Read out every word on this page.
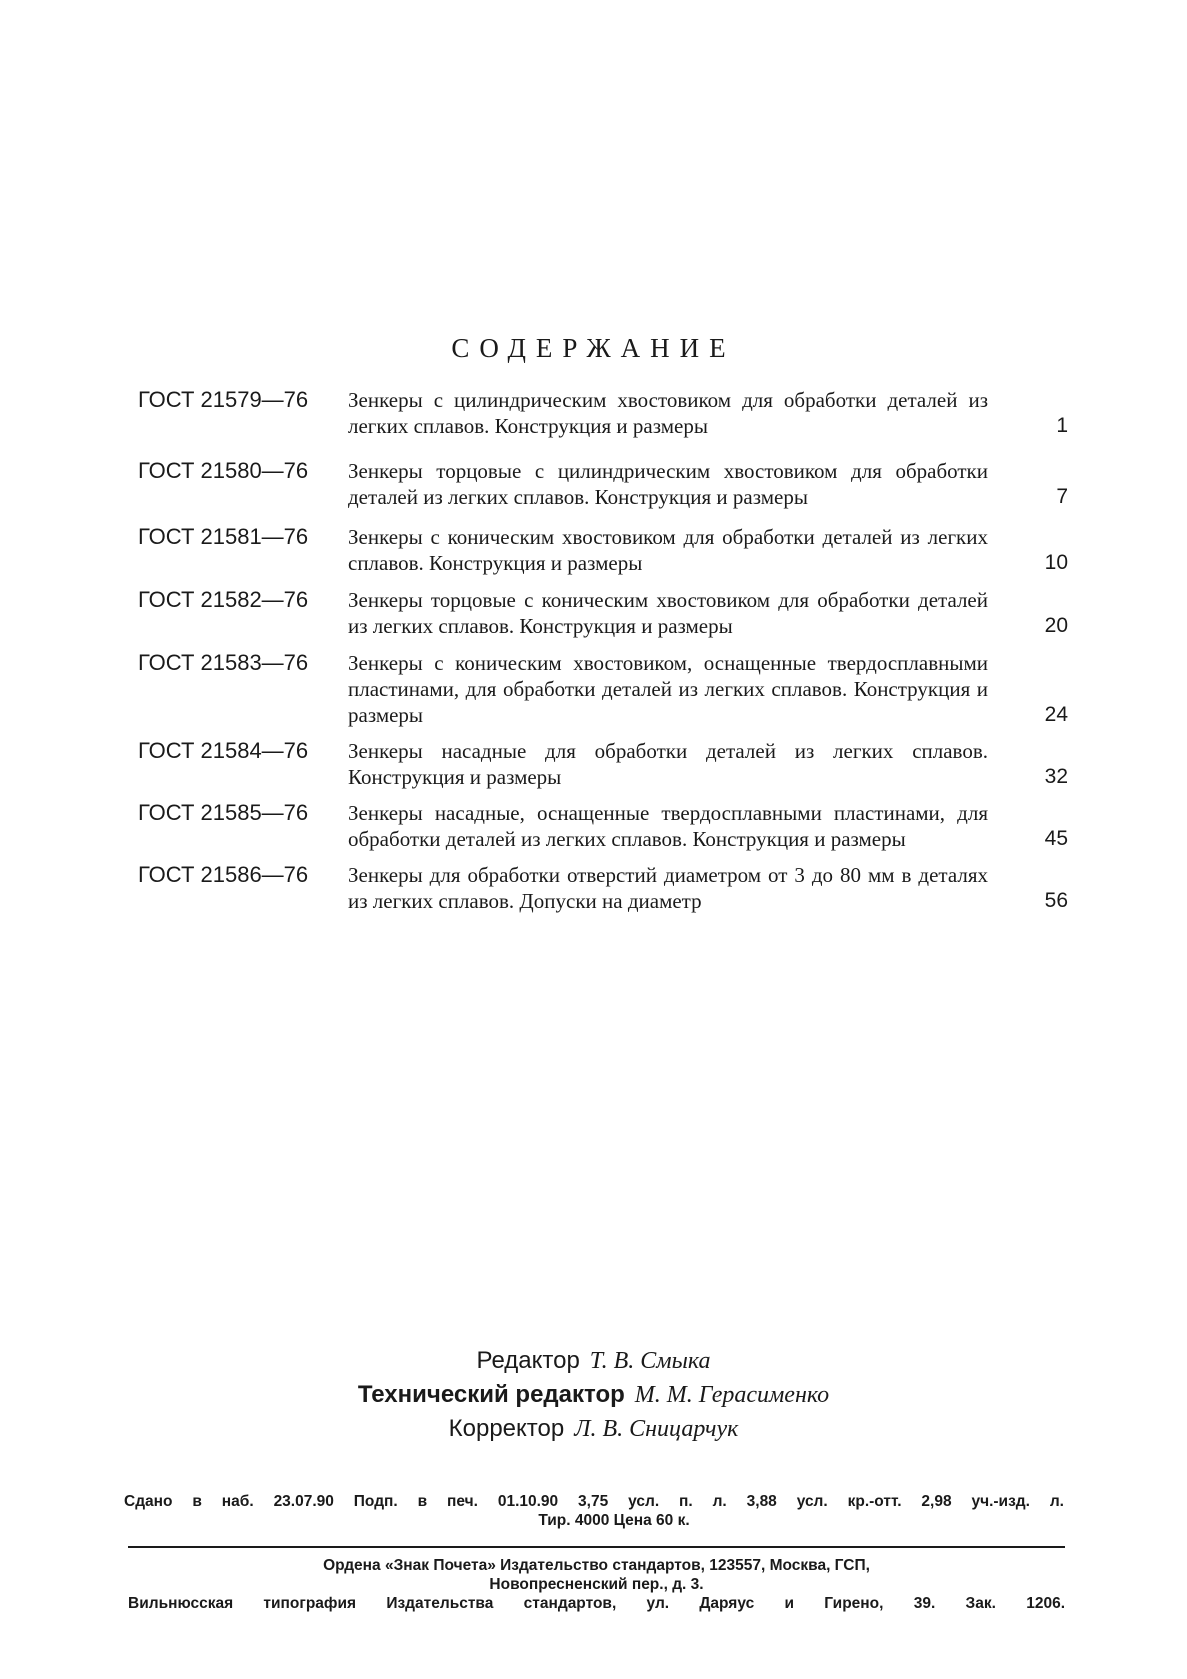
СОДЕРЖАНИЕ
ГОСТ 21579—76	Зенкеры с цилиндрическим хвостовиком для обработки деталей из легких сплавов. Конструкция и размеры	1
ГОСТ 21580—76	Зенкеры торцовые с цилиндрическим хвостовиком для обработки деталей из легких сплавов. Конструкция и размеры	7
ГОСТ 21581—76	Зенкеры с коническим хвостовиком для обработки деталей из легких сплавов. Конструкция и размеры	10
ГОСТ 21582—76	Зенкеры торцовые с коническим хвостовиком для обработки деталей из легких сплавов. Конструкция и размеры	20
ГОСТ 21583—76	Зенкеры с коническим хвостовиком, оснащенные твердосплавными пластинами, для обработки деталей из легких сплавов. Конструкция и размеры	24
ГОСТ 21584—76	Зенкеры насадные для обработки деталей из легких сплавов. Конструкция и размеры	32
ГОСТ 21585—76	Зенкеры насадные, оснащенные твердосплавными пластинами, для обработки деталей из легких сплавов. Конструкция и размеры	45
ГОСТ 21586—76	Зенкеры для обработки отверстий диаметром от 3 до 80 мм в деталях из легких сплавов. Допуски на диаметр	56
Редактор Т. В. Смыка
Технический редактор М. М. Герасименко
Корректор Л. В. Сницарчук
Сдано в наб. 23.07.90 Подп. в печ. 01.10.90 3,75 усл. п. л. 3,88 усл. кр.-отт. 2,98 уч.-изд. л.
Тир. 4000 Цена 60 к.
Ордена «Знак Почета» Издательство стандартов, 123557, Москва, ГСП,
Новопресненский пер., д. 3.
Вильнюсская типография Издательства стандартов, ул. Даряус и Гирено, 39. Зак. 1206.
